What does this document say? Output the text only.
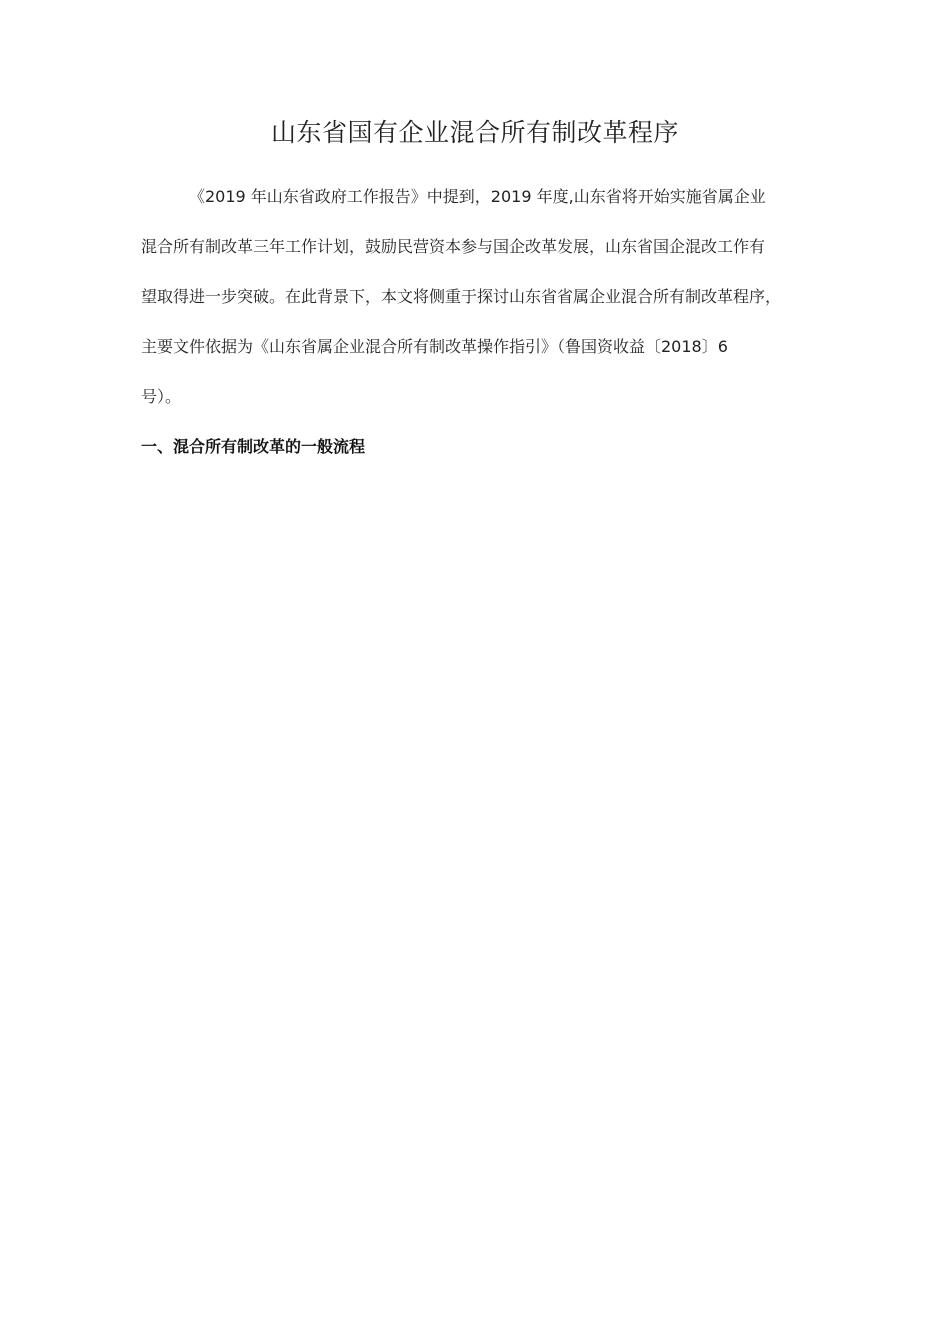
山东省国有企业混合所有制改革程序

《2019 年山东省政府工作报告》中提到，2019 年度,山东省将开始实施省属企业

混合所有制改革三年工作计划，鼓励民营资本参与国企改革发展，山东省国企混改工作有

望取得进一步突破。在此背景下，本文将侧重于探讨山东省省属企业混合所有制改革程序，

主要文件依据为《山东省属企业混合所有制改革操作指引》（鲁国资收益〔2018〕6

号）。

一、混合所有制改革的一般流程
